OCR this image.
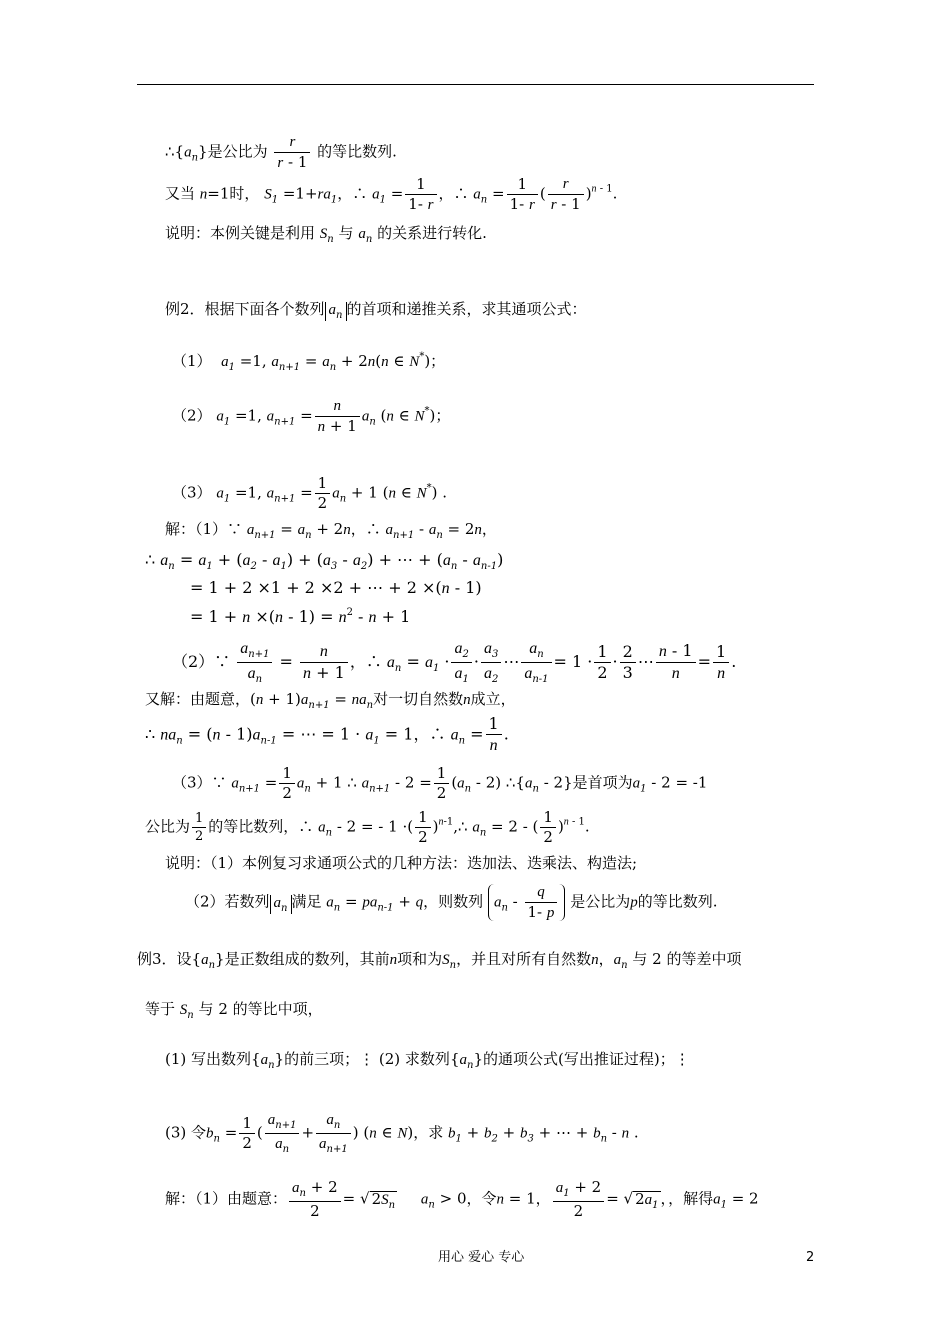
$\therefore\{a_n\}$是公比为 $\frac{r}{r - 1}$ 的等比数列.
又当 n=1时， $S_1 =1+ra_1$，∴ $a_1 = \frac{1}{1- r}$ ，∴ $a_n = \frac{1}{1- r}$ ( $\frac{r}{r - 1} )^{n - 1}$.
说明：本例关键是利用 $S_n$ 与 $a_n$ 的关系进行转化.
例2．根据下面各个数列 $a_n$ 的首项和递推关系，求其通项公式：
（1） $a_1 =1$, $a_{n+1} = a_n + 2n(n$ ∈ N*)；
（2） $a_1 =1$, $a_{n+1} = \frac{n}{n + 1} a_n$ (n ∈ N*)；
（3） $a_1 =1$, $a_{n+1} = \frac{1}{2} a_n + 1$ (n ∈ N*) .
解：（1）∵ $a_{n+1} = a_n + 2n$，∴ $a_{n+1} - a_n = 2n$，
∴ $a_n = a_1 + (a_2 - a_1) + (a_3 - a_2)$ + ⋯ + $(a_n - a_{n-1})$
= 1 + 2 ×1 + 2 ×2 + ⋯ + 2 ×(n - 1)
= $1 + n \times(n - 1) = n^2 - n + 1$
（2）∵ $\frac{a_{n+1}}{a_n} = \frac{n}{n + 1}$ ，∴ $a_n = a_1 \cdot \frac{a_2}{a_1} \cdot \frac{a_3}{a_2}$ ⋯ $\frac{a_n}{a_{n-1}} = 1 \cdot \frac{1}{2} \cdot \frac{2}{3}$ ⋯ $\frac{n - 1}{n} = \frac{1}{n}$ .
又解：由题意，$(n + 1)a_{n+1} = na_n$对一切自然数n成立，
∴ $na_n = (n - 1)a_{n-1}$ = ⋯ = $1 \cdot a_1 = 1$，∴ $a_n = \frac{1}{n}$ .
（3）∵ $a_{n+1} = \frac{1}{2} a_n + 1$ ∴ $a_{n+1} - 2 = \frac{1}{2} (a_n - 2)$ $\therefore\{a_n - 2\}$是首项为$a_1 - 2 = -1$
公比为 $\frac{1}{2}$ 的等比数列，∴ $a_n - 2$ = - 1 ·( $\frac{1}{2}$ )$^{n-1}$,∴ $a_n = 2$ - ( $\frac{1}{2} )^{n - 1}$.
说明：（1）本例复习求通项公式的几种方法：迭加法、迭乘法、构造法;
（2）若数列 $a_n$ 满足 $a_n = pa_{n-1} + q$，则数列 $a_n - \frac{q}{1- p}$ 是公比为p的等比数列.
例3．设$\{a_n\}$是正数组成的数列，其前n项和为$S_n$，并且对所有自然数n，$a_n$ 与 2 的等差中项
等于 $S_n$ 与 2 的等比中项，
(1) 写出数列$\{a_n\}$的前三项；⋮ (2) 求数列$\{a_n\}$的通项公式(写出推证过程)；⋮
(3) 令$b_n = \frac{1}{2}$ ( $\frac{a_{n+1}}{a_n} + \frac{a_n}{a_{n+1}}$ ) (n ∈ N)，求 $b_1 + b_2 + b_3$ + ⋯ + $b_n$ - n .
解：（1）由题意： $\frac{a_n + 2}{2}$ = √ $2S_n$ $a_n > 0$，令n = 1， $\frac{a_1 + 2}{2}$ = √ $2a_1$ ，，解得$a_1 = 2$
用心 爱心 专心	2
